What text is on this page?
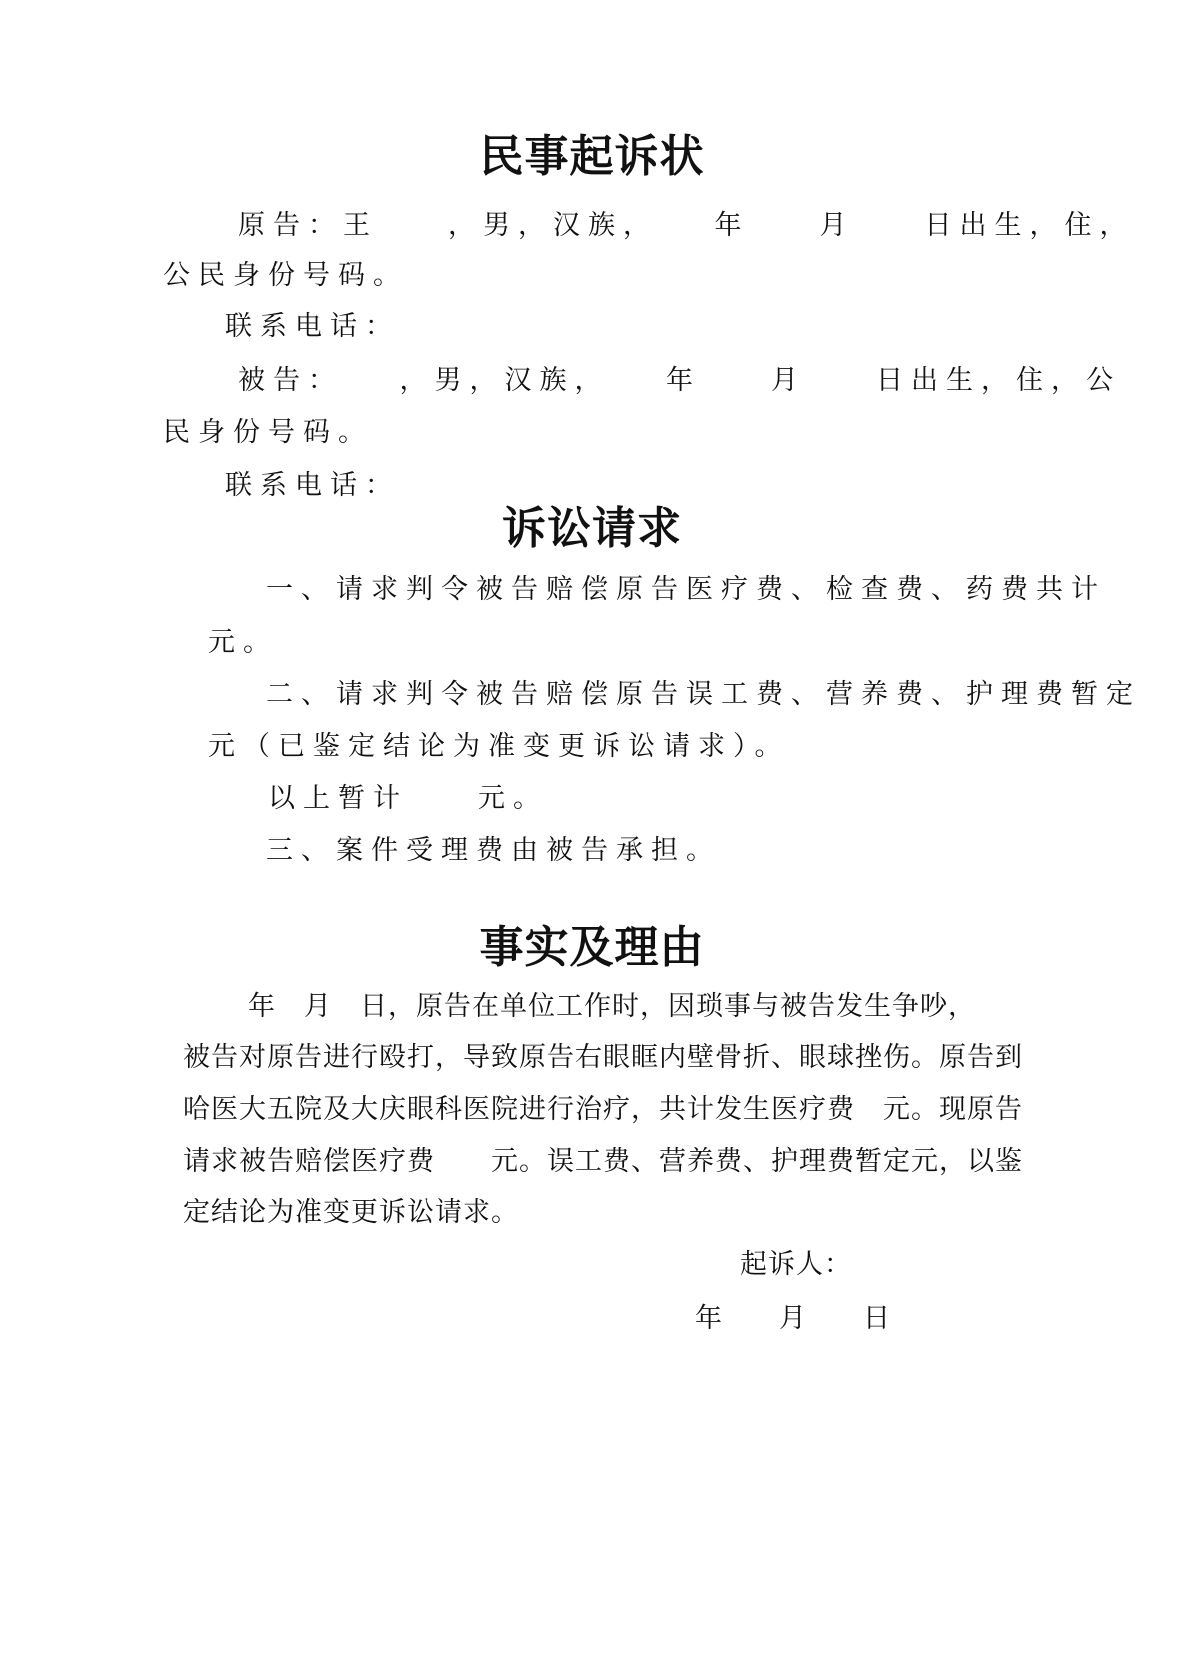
民事起诉状
原告：王　　，男，汉族，　　年　　月　　日出生，住，
公民身份号码。
联系电话：
被告：　　，男，汉族，　　年　　月　　日出生，住，公
民身份号码。
联系电话：
诉讼请求
一、请求判令被告赔偿原告医疗费、检查费、药费共计
元。
二、请求判令被告赔偿原告误工费、营养费、护理费暂定
元（已鉴定结论为准变更诉讼请求）。
以上暂计　　元。
三、案件受理费由被告承担。
事实及理由
年　月　日，原告在单位工作时，因琐事与被告发生争吵，
被告对原告进行殴打，导致原告右眼眶内壁骨折、眼球挫伤。原告到
哈医大五院及大庆眼科医院进行治疗，共计发生医疗费　元。现原告
请求被告赔偿医疗费　　元。误工费、营养费、护理费暂定元，以鉴
定结论为准变更诉讼请求。
起诉人：
年　　月　　日
